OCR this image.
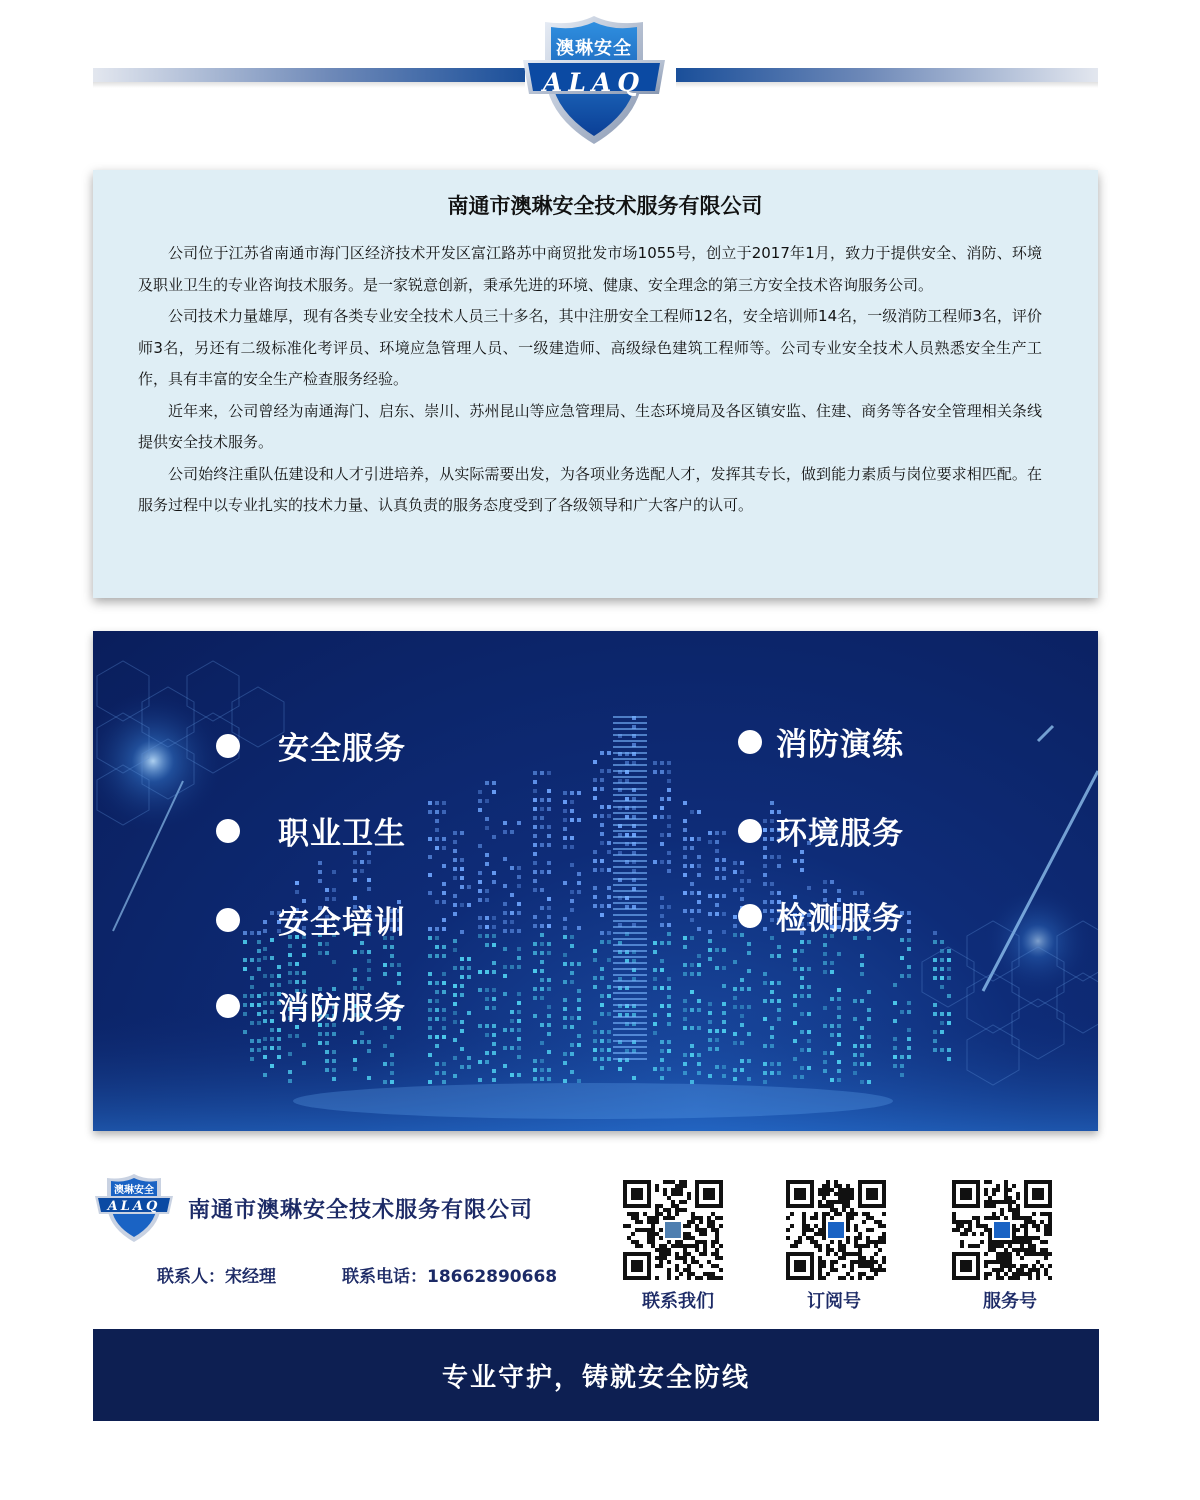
澳琳安全
ALAQ
南通市澳琳安全技术服务有限公司

公司位于江苏省南通市海门区经济技术开发区富江路苏中商贸批发市场1055号，创立于2017年1月，致力于提供安全、消防、环境及职业卫生的专业咨询技术服务。是一家锐意创新，秉承先进的环境、健康、安全理念的第三方安全技术咨询服务公司。

公司技术力量雄厚，现有各类专业安全技术人员三十多名，其中注册安全工程师12名，安全培训师14名，一级消防工程师3名，评价师3名，另还有二级标准化考评员、环境应急管理人员、一级建造师、高级绿色建筑工程师等。公司专业安全技术人员熟悉安全生产工作，具有丰富的安全生产检查服务经验。

近年来，公司曾经为南通海门、启东、崇川、苏州昆山等应急管理局、生态环境局及各区镇安监、住建、商务等各安全管理相关条线提供安全技术服务。

公司始终注重队伍建设和人才引进培养，从实际需要出发，为各项业务选配人才，发挥其专长，做到能力素质与岗位要求相匹配。在服务过程中以专业扎实的技术力量、认真负责的服务态度受到了各级领导和广大客户的认可。

安全服务
职业卫生
安全培训
消防服务
消防演练
环境服务
检测服务
澳琳安全
ALAQ	南通市澳琳安全技术服务有限公司
联系人：宋经理	联系电话：18662890668
联系我们	订阅号	服务号
专业守护，铸就安全防线
